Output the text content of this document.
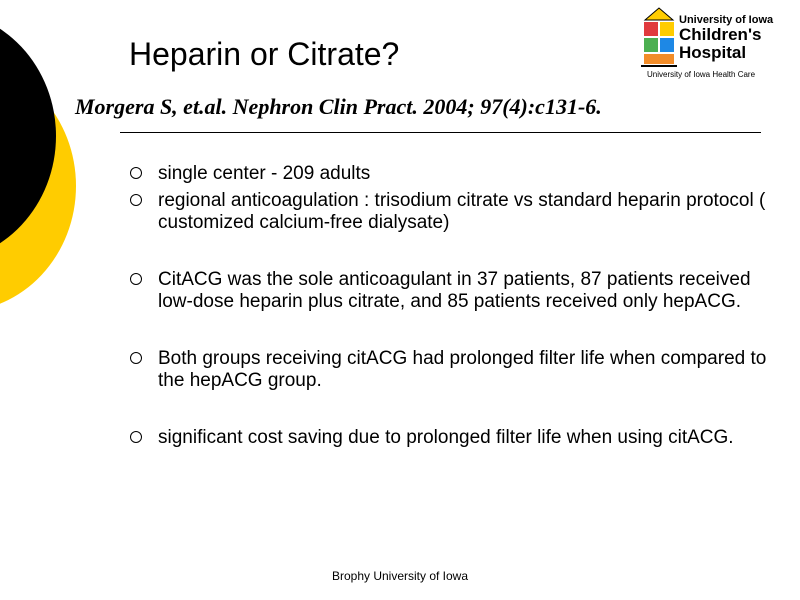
Heparin or Citrate?
Morgera S, et.al. Nephron Clin Pract. 2004; 97(4):c131-6.
single center - 209 adults
regional anticoagulation : trisodium citrate vs standard heparin protocol ( customized calcium-free dialysate)
CitACG was the sole anticoagulant in 37 patients, 87 patients received low-dose heparin plus citrate, and 85 patients received only hepACG.
Both groups receiving citACG had prolonged filter life when compared to the hepACG group.
significant cost saving due to prolonged filter life when using citACG.
University of Iowa
Children's
Hospital
University of Iowa Health Care
Brophy University of Iowa
